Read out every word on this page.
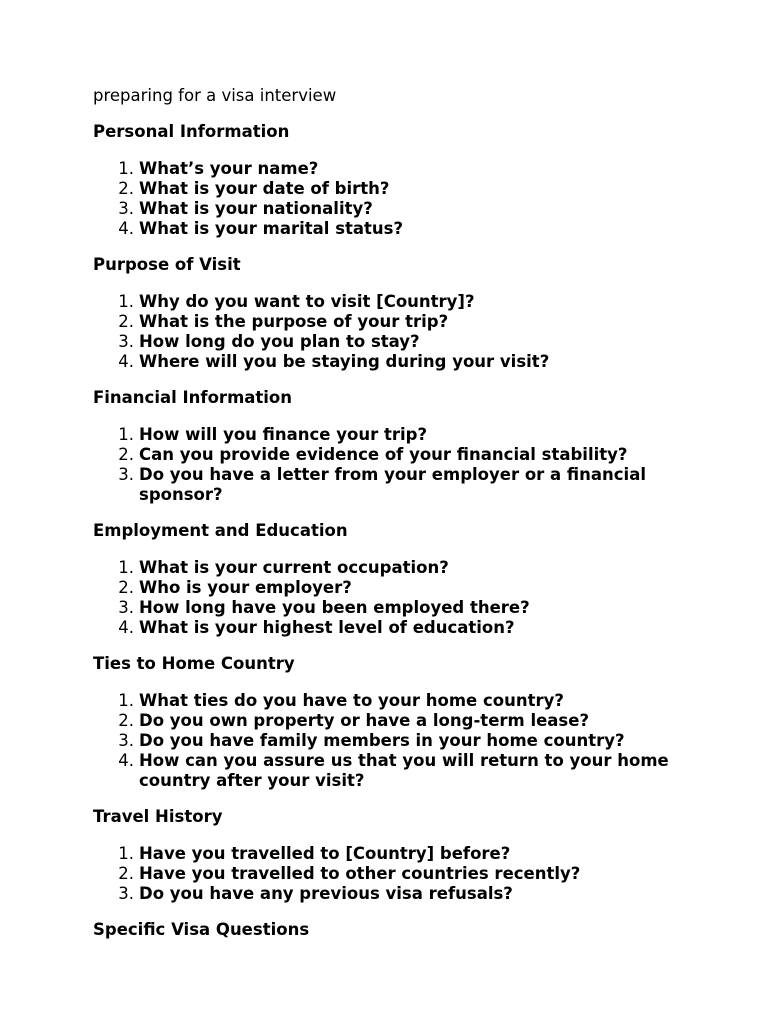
preparing for a visa interview

Personal Information

1. What’s your name?
2. What is your date of birth?
3. What is your nationality?
4. What is your marital status?

Purpose of Visit

1. Why do you want to visit [Country]?
2. What is the purpose of your trip?
3. How long do you plan to stay?
4. Where will you be staying during your visit?

Financial Information

1. How will you finance your trip?
2. Can you provide evidence of your financial stability?
3. Do you have a letter from your employer or a financial sponsor?

Employment and Education

1. What is your current occupation?
2. Who is your employer?
3. How long have you been employed there?
4. What is your highest level of education?

Ties to Home Country

1. What ties do you have to your home country?
2. Do you own property or have a long-term lease?
3. Do you have family members in your home country?
4. How can you assure us that you will return to your home country after your visit?

Travel History

1. Have you travelled to [Country] before?
2. Have you travelled to other countries recently?
3. Do you have any previous visa refusals?

Specific Visa Questions
